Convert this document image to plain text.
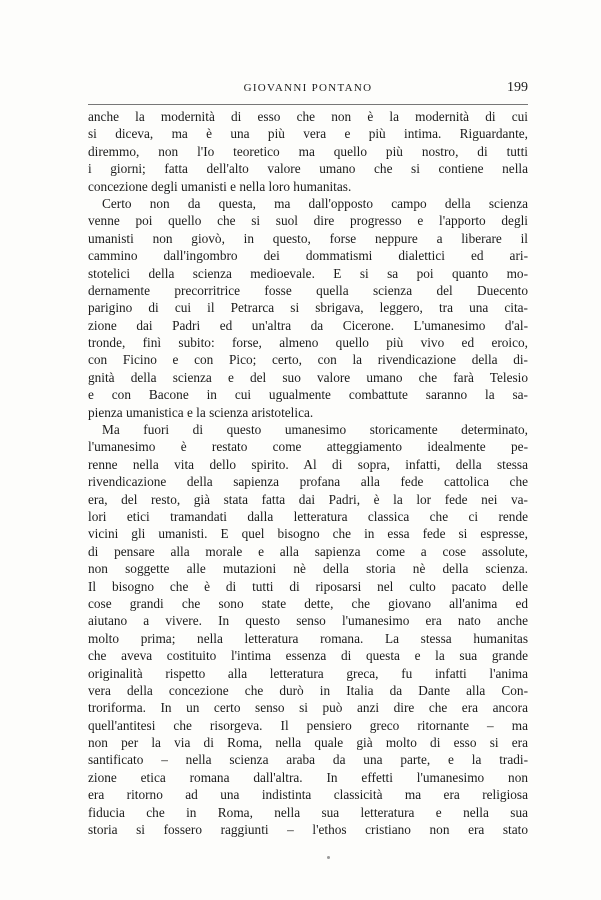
GIOVANNI PONTANO	199
anche la modernità di esso che non è la modernità di cui
si diceva, ma è una più vera e più intima. Riguardante,
diremmo, non l'Io teoretico ma quello più nostro, di tutti
i giorni; fatta dell'alto valore umano che si contiene nella
concezione degli umanisti e nella loro humanitas.
Certo non da questa, ma dall'opposto campo della scienza
venne poi quello che si suol dire progresso e l'apporto degli
umanisti non giovò, in questo, forse neppure a liberare il
cammino dall'ingombro dei dommatismi dialettici ed ari-
stotelici della scienza medioevale. E si sa poi quanto mo-
dernamente precorritrice fosse quella scienza del Duecento
parigino di cui il Petrarca si sbrigava, leggero, tra una cita-
zione dai Padri ed un'altra da Cicerone. L'umanesimo d'al-
tronde, finì subito: forse, almeno quello più vivo ed eroico,
con Ficino e con Pico; certo, con la rivendicazione della di-
gnità della scienza e del suo valore umano che farà Telesio
e con Bacone in cui ugualmente combattute saranno la sa-
pienza umanistica e la scienza aristotelica.
Ma fuori di questo umanesimo storicamente determinato,
l'umanesimo è restato come atteggiamento idealmente pe-
renne nella vita dello spirito. Al di sopra, infatti, della stessa
rivendicazione della sapienza profana alla fede cattolica che
era, del resto, già stata fatta dai Padri, è la lor fede nei va-
lori etici tramandati dalla letteratura classica che ci rende
vicini gli umanisti. E quel bisogno che in essa fede si espresse,
di pensare alla morale e alla sapienza come a cose assolute,
non soggette alle mutazioni nè della storia nè della scienza.
Il bisogno che è di tutti di riposarsi nel culto pacato delle
cose grandi che sono state dette, che giovano all'anima ed
aiutano a vivere. In questo senso l'umanesimo era nato anche
molto prima; nella letteratura romana. La stessa humanitas
che aveva costituito l'intima essenza di questa e la sua grande
originalità rispetto alla letteratura greca, fu infatti l'anima
vera della concezione che durò in Italia da Dante alla Con-
troriforma. In un certo senso si può anzi dire che era ancora
quell'antitesi che risorgeva. Il pensiero greco ritornante – ma
non per la via di Roma, nella quale già molto di esso si era
santificato – nella scienza araba da una parte, e la tradi-
zione etica romana dall'altra. In effetti l'umanesimo non
era ritorno ad una indistinta classicità ma era religiosa
fiducia che in Roma, nella sua letteratura e nella sua
storia si fossero raggiunti – l'ethos cristiano non era stato
